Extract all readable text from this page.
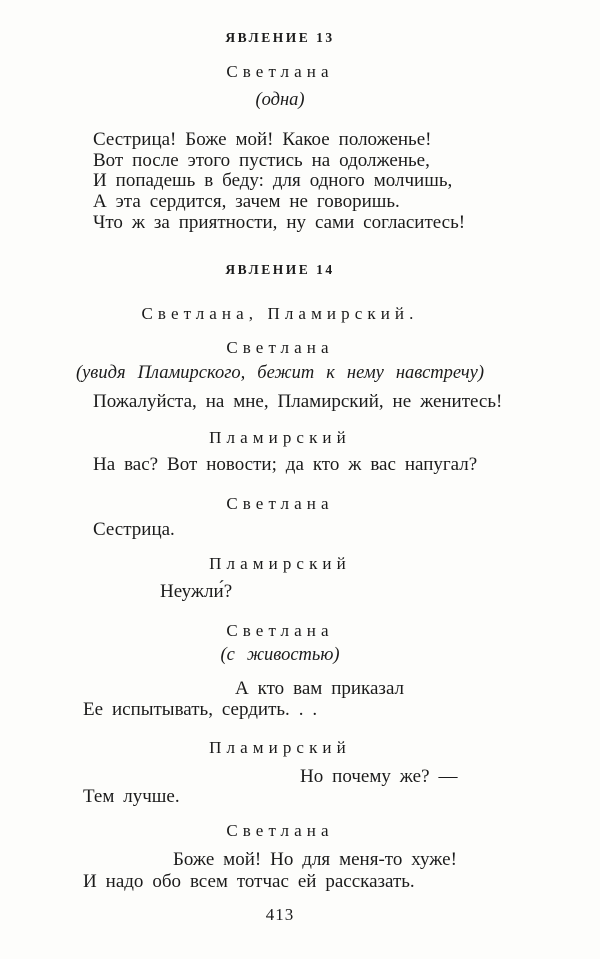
ЯВЛЕНИЕ 13
Светлана
(одна)
Сестрица! Боже мой! Какое положенье!
Вот после этого пустись на одолженье,
И попадешь в беду: для одного молчишь,
А эта сердится, зачем не говоришь.
Что ж за приятности, ну сами согласитесь!
ЯВЛЕНИЕ 14
Светлана, Пламирский.
Светлана
(увидя Пламирского, бежит к нему навстречу)
Пожалуйста, на мне, Пламирский, не женитесь!
Пламирский
На вас? Вот новости; да кто ж вас напугал?
Светлана
Сестрица.
Пламирский
Неужли́?
Светлана
(с живостью)
А кто вам приказал
Ее испытывать, сердить. . .
Пламирский
Но почему же? —
Тем лучше.
Светлана
Боже мой! Но для меня-то хуже!
И надо обо всем тотчас ей рассказать.
413
